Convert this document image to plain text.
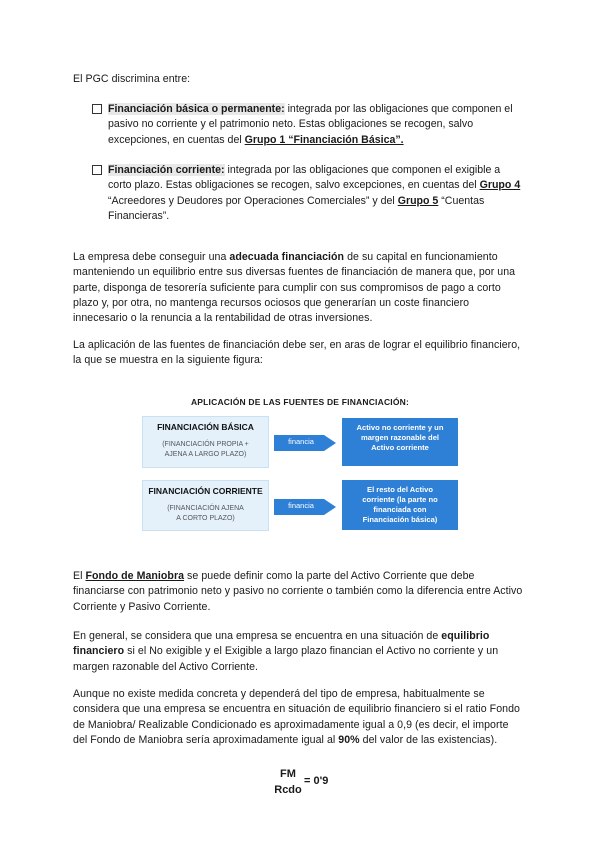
El PGC discrimina entre:

Financiación básica o permanente: integrada por las obligaciones que componen el pasivo no corriente y el patrimonio neto. Estas obligaciones se recogen, salvo excepciones, en cuentas del Grupo 1 “Financiación Básica”.

Financiación corriente: integrada por las obligaciones que componen el exigible a corto plazo. Estas obligaciones se recogen, salvo excepciones, en cuentas del Grupo 4 “Acreedores y Deudores por Operaciones Comerciales” y del Grupo 5 “Cuentas Financieras”.

La empresa debe conseguir una adecuada financiación de su capital en funcionamiento manteniendo un equilibrio entre sus diversas fuentes de financiación de manera que, por una parte, disponga de tesorería suficiente para cumplir con sus compromisos de pago a corto plazo y, por otra, no mantenga recursos ociosos que generarían un coste financiero innecesario o la renuncia a la rentabilidad de otras inversiones.

La aplicación de las fuentes de financiación debe ser, en aras de lograr el equilibrio financiero, la que se muestra en la siguiente figura:

APLICACIÓN DE LAS FUENTES DE FINANCIACIÓN:
FINANCIACIÓN BÁSICA
(FINANCIACIÓN PROPIA +
AJENA A LARGO PLAZO)
financia
Activo no corriente y un
margen razonable del
Activo corriente
FINANCIACIÓN CORRIENTE
(FINANCIACIÓN AJENA
A CORTO PLAZO)
financia
El resto del Activo
corriente (la parte no
financiada con
Financiación básica)

El Fondo de Maniobra se puede definir como la parte del Activo Corriente que debe financiarse con patrimonio neto y pasivo no corriente o también como la diferencia entre Activo Corriente y Pasivo Corriente.

En general, se considera que una empresa se encuentra en una situación de equilibrio financiero si el No exigible y el Exigible a largo plazo financian el Activo no corriente y un margen razonable del Activo Corriente.

Aunque no existe medida concreta y dependerá del tipo de empresa, habitualmente se considera que una empresa se encuentra en situación de equilibrio financiero si el ratio Fondo de Maniobra/ Realizable Condicionado es aproximadamente igual a 0,9 (es decir, el importe del Fondo de Maniobra sería aproximadamente igual al 90% del valor de las existencias).

FM
Rcdo
= 0'9
